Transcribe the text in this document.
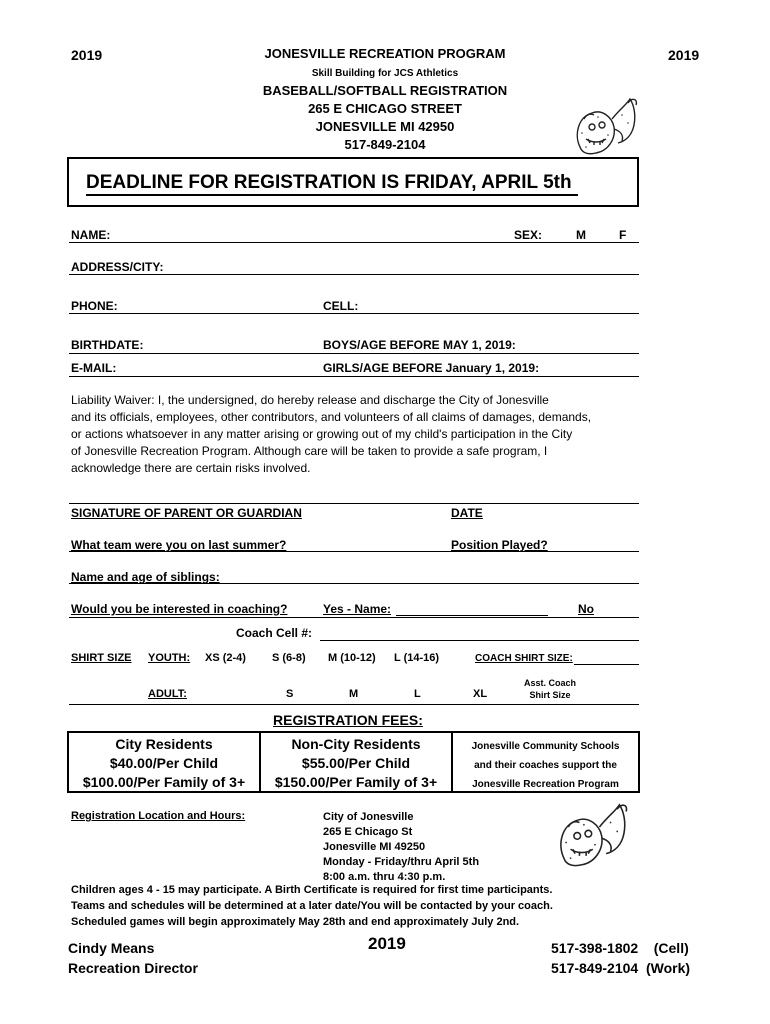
2019	2019
JONESVILLE RECREATION PROGRAM
Skill Building for JCS Athletics
BASEBALL/SOFTBALL REGISTRATION
265 E CHICAGO STREET
JONESVILLE MI 42950
517-849-2104
DEADLINE FOR REGISTRATION IS FRIDAY, APRIL 5th
NAME:	SEX:	M	F
ADDRESS/CITY:
PHONE:	CELL:
BIRTHDATE:	BOYS/AGE BEFORE MAY 1, 2019:
E-MAIL:	GIRLS/AGE BEFORE January 1, 2019:
Liability Waiver: I, the undersigned, do hereby release and discharge the City of Jonesville
and its officials, employees, other contributors, and volunteers of all claims of damages, demands,
or actions whatsoever in any matter arising or growing out of my child's participation in the City
of Jonesville Recreation Program. Although care will be taken to provide a safe program, I
acknowledge there are certain risks involved.
SIGNATURE OF PARENT OR GUARDIAN	DATE
What team were you on last summer?	Position Played?
Name and age of siblings:
Would you be interested in coaching?	Yes - Name:	No
Coach Cell #:
SHIRT SIZE YOUTH: XS (2-4) S (6-8) M (10-12) L (14-16)	COACH SHIRT SIZE:
Asst. Coach
Shirt Size
ADULT:	S	M	L	XL
REGISTRATION FEES:
City Residents
$40.00/Per Child
$100.00/Per Family of 3+
Non-City Residents
$55.00/Per Child
$150.00/Per Family of 3+
Jonesville Community Schools
and their coaches support the
Jonesville Recreation Program
Registration Location and Hours:	City of Jonesville
265 E Chicago St
Jonesville MI 49250
Monday - Friday/thru April 5th
8:00 a.m. thru 4:30 p.m.
Children ages 4 - 15 may participate. A Birth Certificate is required for first time participants.
Teams and schedules will be determined at a later date/You will be contacted by your coach.
Scheduled games will begin approximately May 28th and end approximately July 2nd.
Cindy Means
Recreation Director
2019	517-398-1802    (Cell)
517-849-2104  (Work)
